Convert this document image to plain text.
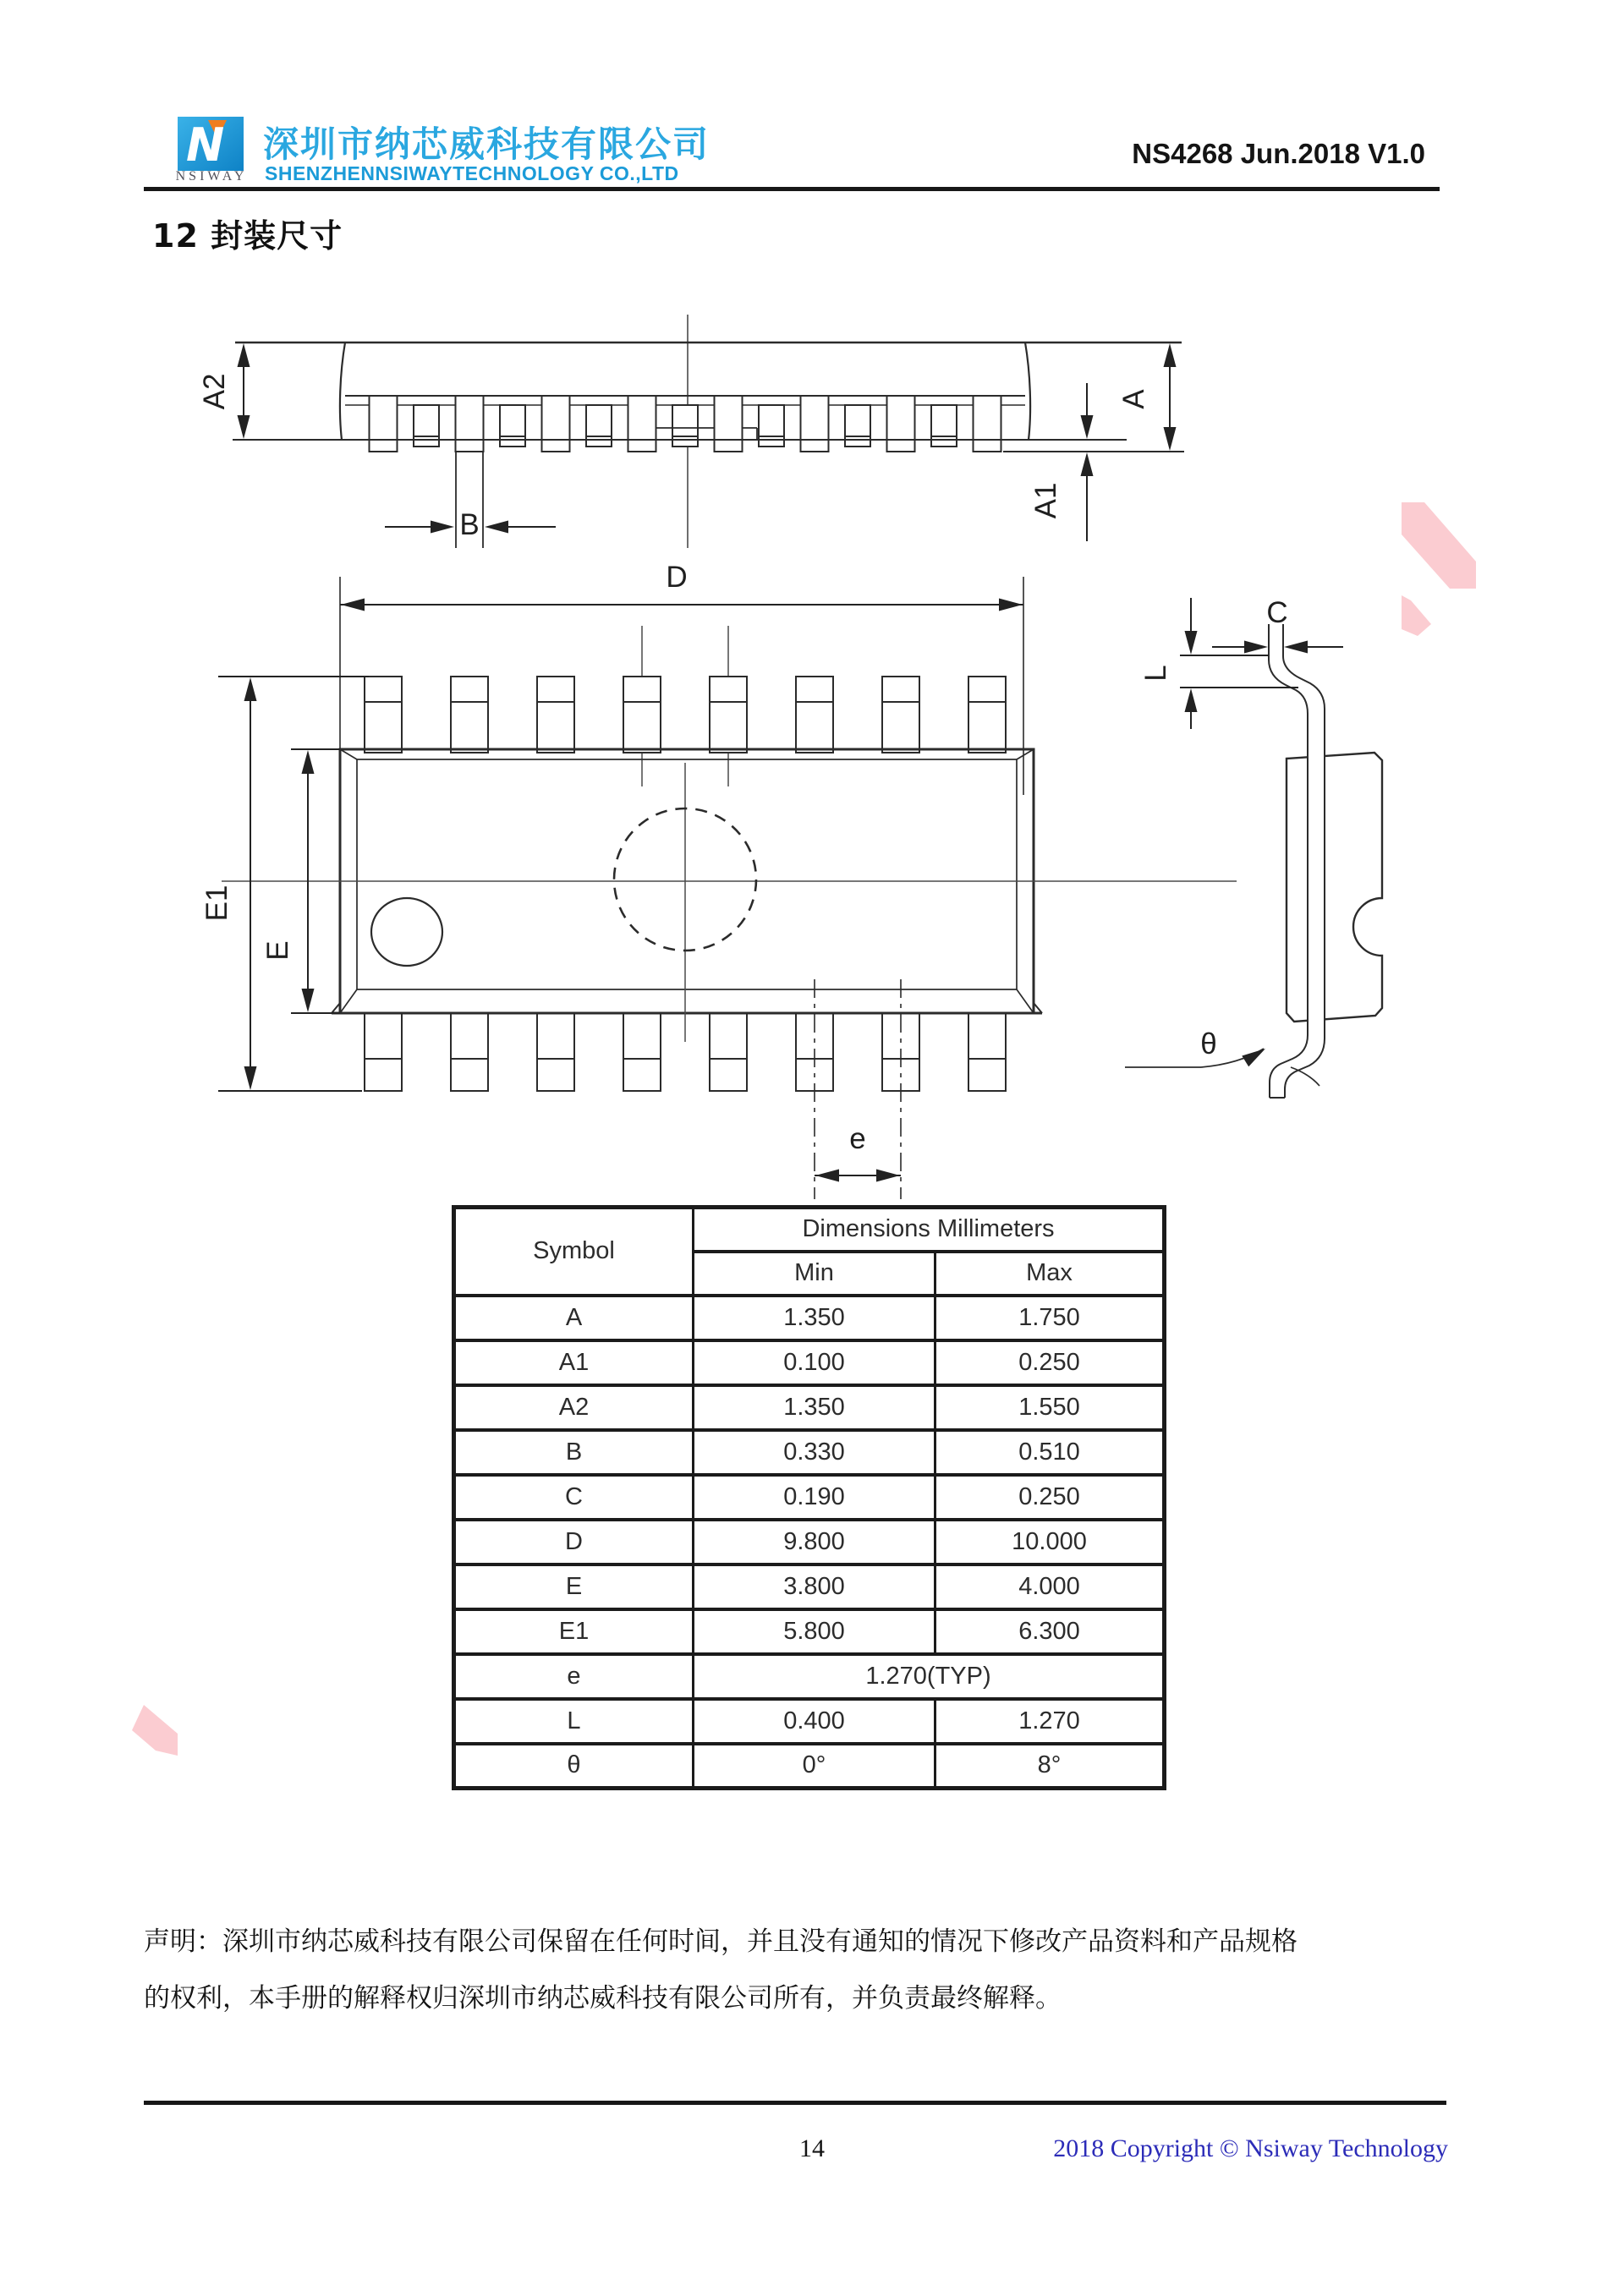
A2
B
A
A1
D
E1
E
e
C
L
θ
N
NSIWAY
深圳市纳芯威科技有限公司
SHENZHENNSIWAYTECHNOLOGY CO.,LTD
NS4268 Jun.2018 V1.0
12 封装尺寸
Symbol	Dimensions Millimeters	
	Min	Max
A	1.350	1.750
A1	0.100	0.250
A2	1.350	1.550
B	0.330	0.510
C	0.190	0.250
D	9.800	10.000
E	3.800	4.000
E1	5.800	6.300
e	1.270(TYP)	
L	0.400	1.270
θ	0°	8°
声明：深圳市纳芯威科技有限公司保留在任何时间，并且没有通知的情况下修改产品资料和产品规格
的权利，本手册的解释权归深圳市纳芯威科技有限公司所有，并负责最终解释。
14	2018 Copyright © Nsiway Technology
